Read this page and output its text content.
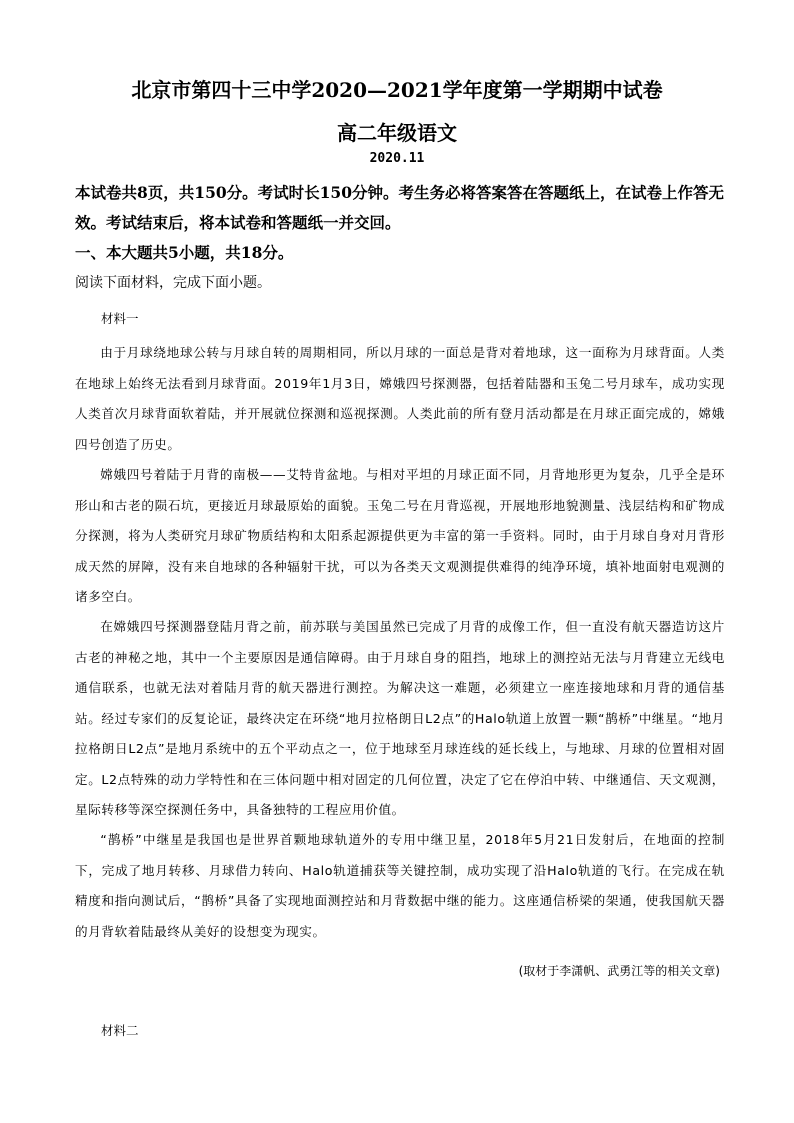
北京市第四十三中学2020—2021学年度第一学期期中试卷
高二年级语文
2020.11

本试卷共8页，共150分。考试时长150分钟。考生务必将答案答在答题纸上，在试卷上作答无效。考试结束后，将本试卷和答题纸一并交回。

一、本大题共5小题，共18分。

阅读下面材料，完成下面小题。

材料一

由于月球绕地球公转与月球自转的周期相同，所以月球的一面总是背对着地球，这一面称为月球背面。人类在地球上始终无法看到月球背面。2019年1月3日，嫦娥四号探测器，包括着陆器和玉兔二号月球车，成功实现人类首次月球背面软着陆，并开展就位探测和巡视探测。人类此前的所有登月活动都是在月球正面完成的，嫦娥四号创造了历史。

嫦娥四号着陆于月背的南极——艾特肯盆地。与相对平坦的月球正面不同，月背地形更为复杂，几乎全是环形山和古老的陨石坑，更接近月球最原始的面貌。玉兔二号在月背巡视，开展地形地貌测量、浅层结构和矿物成分探测，将为人类研究月球矿物质结构和太阳系起源提供更为丰富的第一手资料。同时，由于月球自身对月背形成天然的屏障，没有来自地球的各种辐射干扰，可以为各类天文观测提供难得的纯净环境，填补地面射电观测的诸多空白。

在嫦娥四号探测器登陆月背之前，前苏联与美国虽然已完成了月背的成像工作，但一直没有航天器造访这片古老的神秘之地，其中一个主要原因是通信障碍。由于月球自身的阻挡，地球上的测控站无法与月背建立无线电通信联系，也就无法对着陆月背的航天器进行测控。为解决这一难题，必须建立一座连接地球和月背的通信基站。经过专家们的反复论证，最终决定在环绕“地月拉格朗日L2点”的Halo轨道上放置一颗“鹊桥”中继星。“地月拉格朗日L2点”是地月系统中的五个平动点之一，位于地球至月球连线的延长线上，与地球、月球的位置相对固定。L2点特殊的动力学特性和在三体问题中相对固定的几何位置，决定了它在停泊中转、中继通信、天文观测，星际转移等深空探测任务中，具备独特的工程应用价值。

“鹊桥”中继星是我国也是世界首颗地球轨道外的专用中继卫星，2018年5月21日发射后，在地面的控制下，完成了地月转移、月球借力转向、Halo轨道捕获等关键控制，成功实现了沿Halo轨道的飞行。在完成在轨精度和指向测试后，“鹊桥”具备了实现地面测控站和月背数据中继的能力。这座通信桥梁的架通，使我国航天器的月背软着陆最终从美好的设想变为现实。

(取材于李潇帆、武勇江等的相关文章)

材料二
